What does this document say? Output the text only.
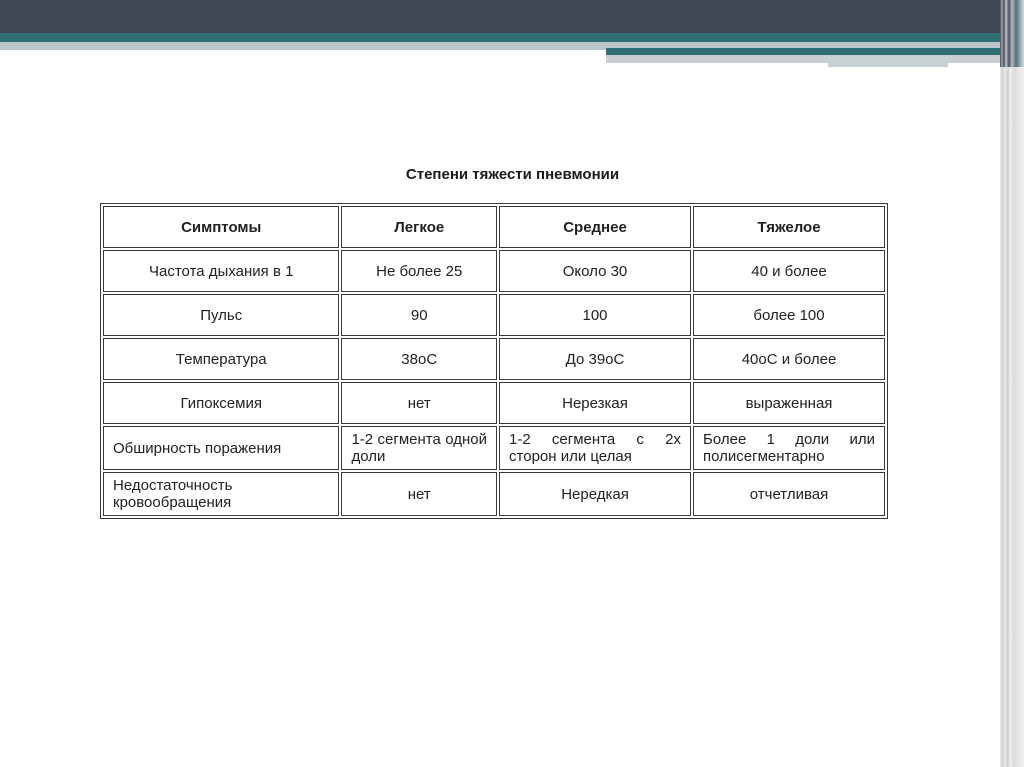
Степени тяжести пневмонии
Симптомы	Легкое	Среднее	Тяжелое
Частота дыхания в 1	Не более 25	Около 30	40 и более
Пульс	90	100	более 100
Температура	38оС	До 39оС	40оС и более
Гипоксемия	нет	Нерезкая	выраженная
Обширность поражения	1-2 сегмента одной доли	1-2 сегмента с 2х сторон или целая	Более 1 доли или полисегментарно
Недостаточность кровообращения	нет	Нередкая	отчетливая
